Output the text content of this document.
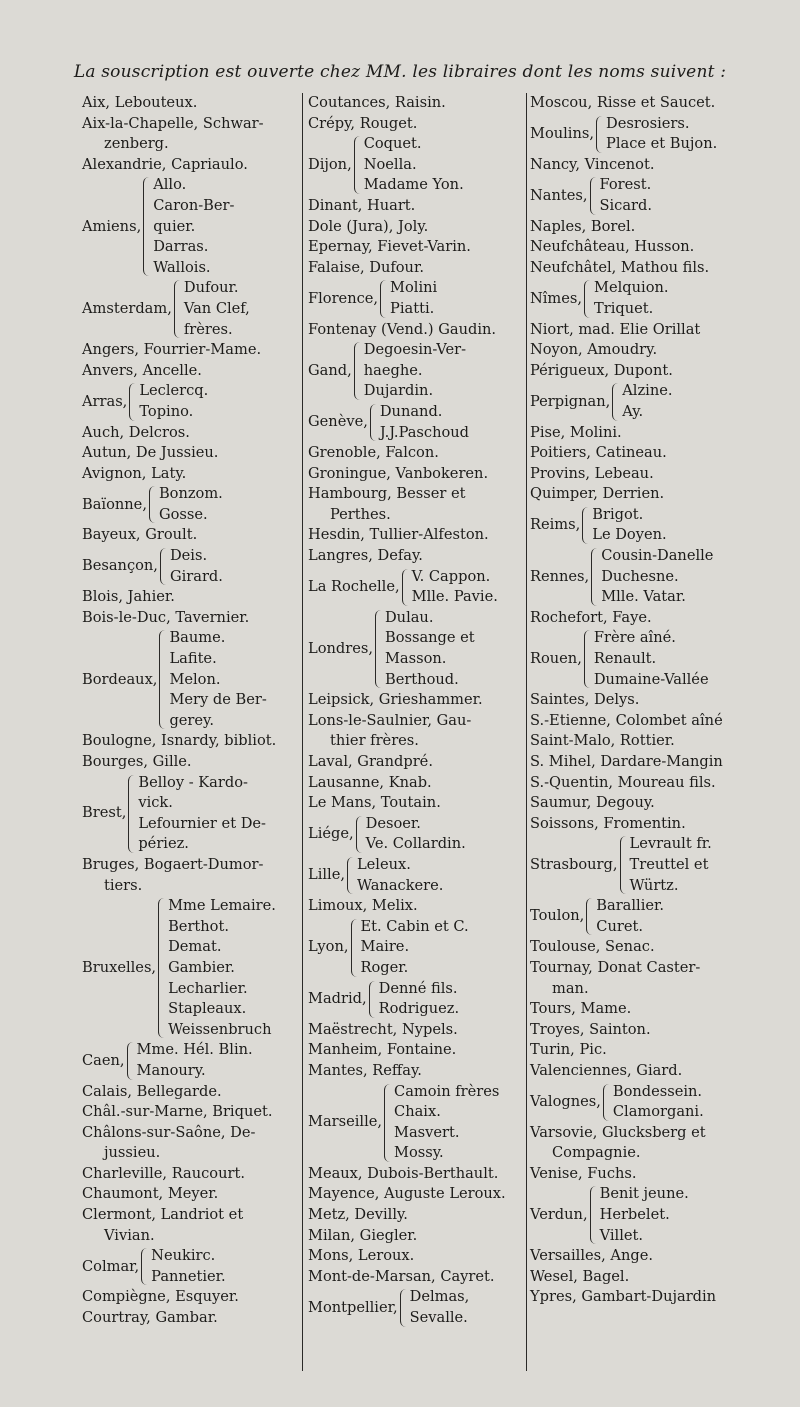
La souscription est ouverte chez MM. les libraires dont les noms suivent :
Aix, Lebouteux.
Aix-la-Chapelle, Schwar-
zenberg.
Alexandrie, Capriaulo.
Amiens,
Allo.
Caron-Ber-
quier.
Darras.
Wallois.
Amsterdam,
Dufour.
Van Clef,
frères.
Angers, Fourrier-Mame.
Anvers, Ancelle.
Arras,
Leclercq.
Topino.
Auch, Delcros.
Autun, De Jussieu.
Avignon, Laty.
Baïonne,
Bonzom.
Gosse.
Bayeux, Groult.
Besançon,
Deis.
Girard.
Blois, Jahier.
Bois-le-Duc, Tavernier.
Bordeaux,
Baume.
Lafite.
Melon.
Mery de Ber-
gerey.
Boulogne, Isnardy, bibliot.
Bourges, Gille.
Brest,
Belloy - Kardo-
vick.
Lefournier et De-
périez.
Bruges, Bogaert-Dumor-
tiers.
Bruxelles,
Mme Lemaire.
Berthot.
Demat.
Gambier.
Lecharlier.
Stapleaux.
Weissenbruch
Caen,
Mme. Hél. Blin.
Manoury.
Calais, Bellegarde.
Châl.-sur-Marne, Briquet.
Châlons-sur-Saône, De-
jussieu.
Charleville, Raucourt.
Chaumont, Meyer.
Clermont, Landriot et
Vivian.
Colmar,
Neukirc.
Pannetier.
Compiègne, Esquyer.
Courtray, Gambar.
Coutances, Raisin.
Crépy, Rouget.
Dijon,
Coquet.
Noella.
Madame Yon.
Dinant, Huart.
Dole (Jura), Joly.
Epernay, Fievet-Varin.
Falaise, Dufour.
Florence,
Molini
Piatti.
Fontenay (Vend.) Gaudin.
Gand,
Degoesin-Ver-
haeghe.
Dujardin.
Genève,
Dunand.
J.J.Paschoud
Grenoble, Falcon.
Groningue, Vanbokeren.
Hambourg, Besser et
Perthes.
Hesdin, Tullier-Alfeston.
Langres, Defay.
La Rochelle,
V. Cappon.
Mlle. Pavie.
Londres,
Dulau.
Bossange et
Masson.
Berthoud.
Leipsick, Grieshammer.
Lons-le-Saulnier, Gau-
thier frères.
Laval, Grandpré.
Lausanne, Knab.
Le Mans, Toutain.
Liége,
Desoer.
Ve. Collardin.
Lille,
Leleux.
Wanackere.
Limoux, Melix.
Lyon,
Et. Cabin et C.
Maire.
Roger.
Madrid,
Denné fils.
Rodriguez.
Maëstrecht, Nypels.
Manheim, Fontaine.
Mantes, Reffay.
Marseille,
Camoin frères
Chaix.
Masvert.
Mossy.
Meaux, Dubois-Berthault.
Mayence, Auguste Leroux.
Metz, Devilly.
Milan, Giegler.
Mons, Leroux.
Mont-de-Marsan, Cayret.
Montpellier,
Delmas,
Sevalle.
Moscou, Risse et Saucet.
Moulins,
Desrosiers.
Place et Bujon.
Nancy, Vincenot.
Nantes,
Forest.
Sicard.
Naples, Borel.
Neufchâteau, Husson.
Neufchâtel, Mathou fils.
Nîmes,
Melquion.
Triquet.
Niort, mad. Elie Orillat
Noyon, Amoudry.
Périgueux, Dupont.
Perpignan,
Alzine.
Ay.
Pise, Molini.
Poitiers, Catineau.
Provins, Lebeau.
Quimper, Derrien.
Reims,
Brigot.
Le Doyen.
Rennes,
Cousin-Danelle
Duchesne.
Mlle. Vatar.
Rochefort, Faye.
Rouen,
Frère aîné.
Renault.
Dumaine-Vallée
Saintes, Delys.
S.-Etienne, Colombet aîné
Saint-Malo, Rottier.
S. Mihel, Dardare-Mangin
S.-Quentin, Moureau fils.
Saumur, Degouy.
Soissons, Fromentin.
Strasbourg,
Levrault fr.
Treuttel et
Würtz.
Toulon,
Barallier.
Curet.
Toulouse, Senac.
Tournay, Donat Caster-
man.
Tours, Mame.
Troyes, Sainton.
Turin, Pic.
Valenciennes, Giard.
Valognes,
Bondessein.
Clamorgani.
Varsovie, Glucksberg et
Compagnie.
Venise, Fuchs.
Verdun,
Benit jeune.
Herbelet.
Villet.
Versailles, Ange.
Wesel, Bagel.
Ypres, Gambart-Dujardin
